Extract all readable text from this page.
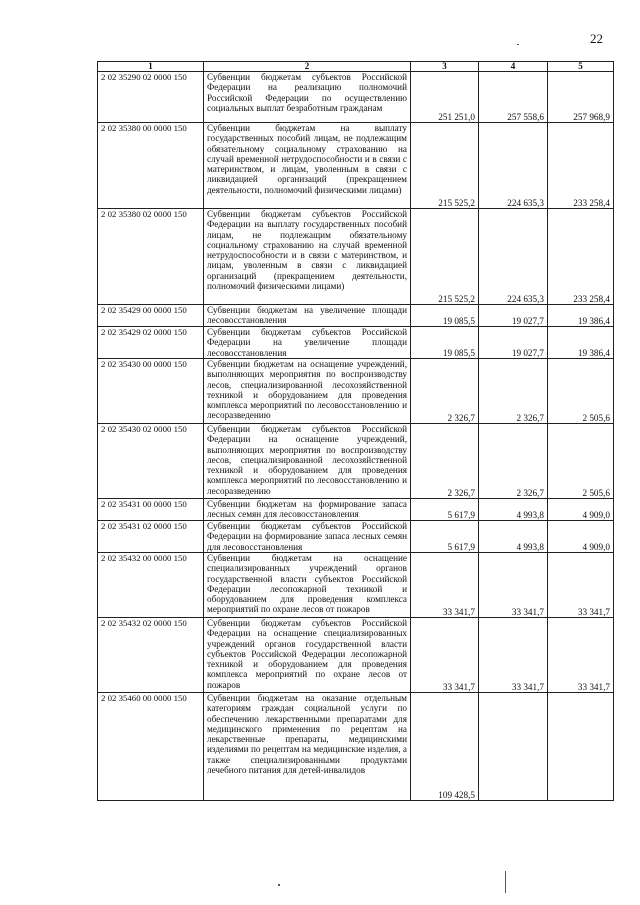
22
1	2	3	4	5
2 02 35290 02 0000 150	Субвенции бюджетам субъектов Российской Федерации на реализацию полномочий Российской Федерации по осуществлению социальных выплат безработным гражданам	251 251,0	257 558,6	257 968,9
2 02 35380 00 0000 150	Субвенции бюджетам на выплату государственных пособий лицам, не подлежащим обязательному социальному страхованию на случай временной нетрудоспособности и в связи с материнством, и лицам, уволенным в связи с ликвидацией организаций (прекращением деятельности, полномочий физическими лицами)	215 525,2	224 635,3	233 258,4
2 02 35380 02 0000 150	Субвенции бюджетам субъектов Российской Федерации на выплату государственных пособий лицам, не подлежащим обязательному социальному страхованию на случай временной нетрудоспособности и в связи с материнством, и лицам, уволенным в связи с ликвидацией организаций (прекращением деятельности, полномочий физическими лицами)	215 525,2	224 635,3	233 258,4
2 02 35429 00 0000 150	Субвенции бюджетам на увеличение площади лесовосстановления	19 085,5	19 027,7	19 386,4
2 02 35429 02 0000 150	Субвенции бюджетам субъектов Российской Федерации на увеличение площади лесовосстановления	19 085,5	19 027,7	19 386,4
2 02 35430 00 0000 150	Субвенции бюджетам на оснащение учреждений, выполняющих мероприятия по воспроизводству лесов, специализированной лесохозяйственной техникой и оборудованием для проведения комплекса мероприятий по лесовосстановлению и лесоразведению	2 326,7	2 326,7	2 505,6
2 02 35430 02 0000 150	Субвенции бюджетам субъектов Российской Федерации на оснащение учреждений, выполняющих мероприятия по воспроизводству лесов, специализированной лесохозяйственной техникой и оборудованием для проведения комплекса мероприятий по лесовосстановлению и лесоразведению	2 326,7	2 326,7	2 505,6
2 02 35431 00 0000 150	Субвенции бюджетам на формирование запаса лесных семян для лесовосстановления	5 617,9	4 993,8	4 909,0
2 02 35431 02 0000 150	Субвенции бюджетам субъектов Российской Федерации на формирование запаса лесных семян для лесовосстановления	5 617,9	4 993,8	4 909,0
2 02 35432 00 0000 150	Субвенции бюджетам на оснащение специализированных учреждений органов государственной власти субъектов Российской Федерации лесопожарной техникой и оборудованием для проведения комплекса мероприятий по охране лесов от пожаров	33 341,7	33 341,7	33 341,7
2 02 35432 02 0000 150	Субвенции бюджетам субъектов Российской Федерации на оснащение специализированных учреждений органов государственной власти субъектов Российской Федерации лесопожарной техникой и оборудованием для проведения комплекса мероприятий по охране лесов от пожаров	33 341,7	33 341,7	33 341,7
2 02 35460 00 0000 150	Субвенции бюджетам на оказание отдельным категориям граждан социальной услуги по обеспечению лекарственными препаратами для медицинского применения по рецептам на лекарственные препараты, медицинскими изделиями по рецептам на медицинские изделия, а также специализированными продуктами лечебного питания для детей-инвалидов	109 428,5		
